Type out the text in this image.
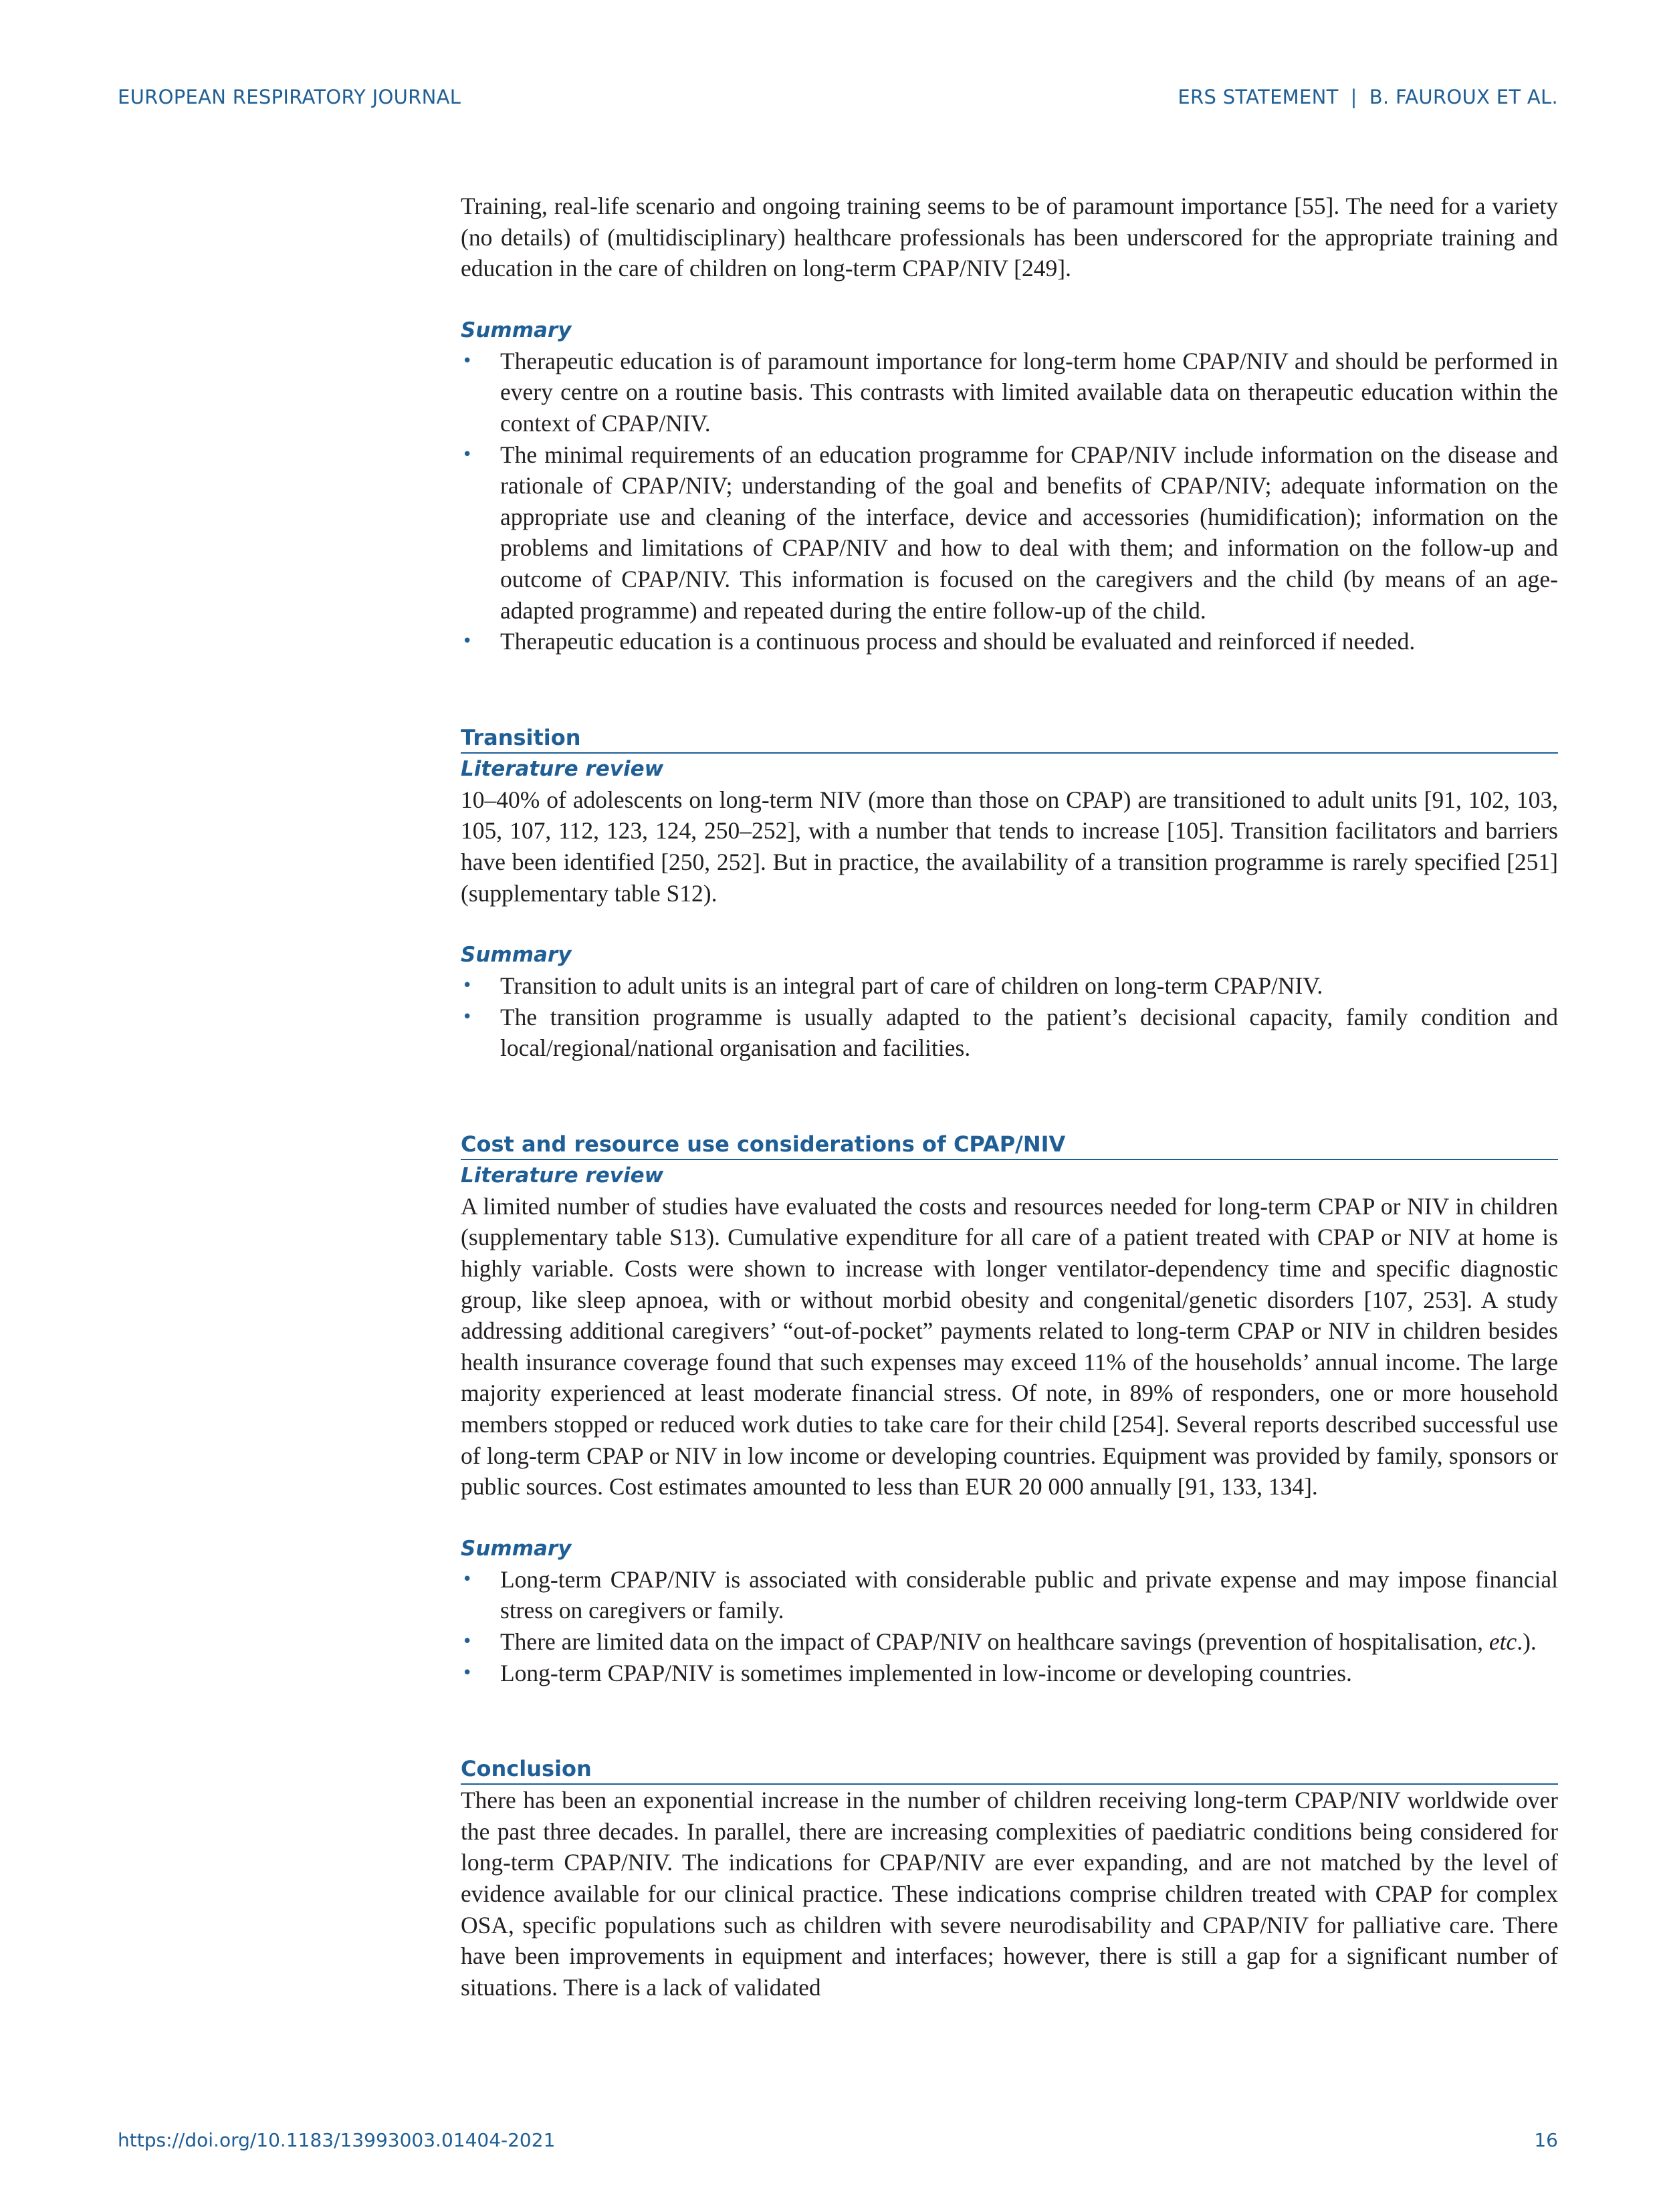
EUROPEAN RESPIRATORY JOURNAL	ERS STATEMENT | B. FAUROUX ET AL.

Training, real-life scenario and ongoing training seems to be of paramount importance [55]. The need for a variety (no details) of (multidisciplinary) healthcare professionals has been underscored for the appropriate training and education in the care of children on long-term CPAP/NIV [249].

Summary
• Therapeutic education is of paramount importance for long-term home CPAP/NIV and should be performed in every centre on a routine basis. This contrasts with limited available data on therapeutic education within the context of CPAP/NIV.
• The minimal requirements of an education programme for CPAP/NIV include information on the disease and rationale of CPAP/NIV; understanding of the goal and benefits of CPAP/NIV; adequate information on the appropriate use and cleaning of the interface, device and accessories (humidification); information on the problems and limitations of CPAP/NIV and how to deal with them; and information on the follow-up and outcome of CPAP/NIV. This information is focused on the caregivers and the child (by means of an age-adapted programme) and repeated during the entire follow-up of the child.
• Therapeutic education is a continuous process and should be evaluated and reinforced if needed.
Transition
Literature review

10–40% of adolescents on long-term NIV (more than those on CPAP) are transitioned to adult units [91, 102, 103, 105, 107, 112, 123, 124, 250–252], with a number that tends to increase [105]. Transition facilitators and barriers have been identified [250, 252]. But in practice, the availability of a transition programme is rarely specified [251] (supplementary table S12).

Summary
• Transition to adult units is an integral part of care of children on long-term CPAP/NIV.
• The transition programme is usually adapted to the patient’s decisional capacity, family condition and local/regional/national organisation and facilities.
Cost and resource use considerations of CPAP/NIV
Literature review

A limited number of studies have evaluated the costs and resources needed for long-term CPAP or NIV in children (supplementary table S13). Cumulative expenditure for all care of a patient treated with CPAP or NIV at home is highly variable. Costs were shown to increase with longer ventilator-dependency time and specific diagnostic group, like sleep apnoea, with or without morbid obesity and congenital/genetic disorders [107, 253]. A study addressing additional caregivers’ “out-of-pocket” payments related to long-term CPAP or NIV in children besides health insurance coverage found that such expenses may exceed 11% of the households’ annual income. The large majority experienced at least moderate financial stress. Of note, in 89% of responders, one or more household members stopped or reduced work duties to take care for their child [254]. Several reports described successful use of long-term CPAP or NIV in low income or developing countries. Equipment was provided by family, sponsors or public sources. Cost estimates amounted to less than EUR 20 000 annually [91, 133, 134].

Summary
• Long-term CPAP/NIV is associated with considerable public and private expense and may impose financial stress on caregivers or family.
• There are limited data on the impact of CPAP/NIV on healthcare savings (prevention of hospitalisation, etc.).
• Long-term CPAP/NIV is sometimes implemented in low-income or developing countries.
Conclusion

There has been an exponential increase in the number of children receiving long-term CPAP/NIV worldwide over the past three decades. In parallel, there are increasing complexities of paediatric conditions being considered for long-term CPAP/NIV. The indications for CPAP/NIV are ever expanding, and are not matched by the level of evidence available for our clinical practice. These indications comprise children treated with CPAP for complex OSA, specific populations such as children with severe neurodisability and CPAP/NIV for palliative care. There have been improvements in equipment and interfaces; however, there is still a gap for a significant number of situations. There is a lack of validated

https://doi.org/10.1183/13993003.01404-2021	16
